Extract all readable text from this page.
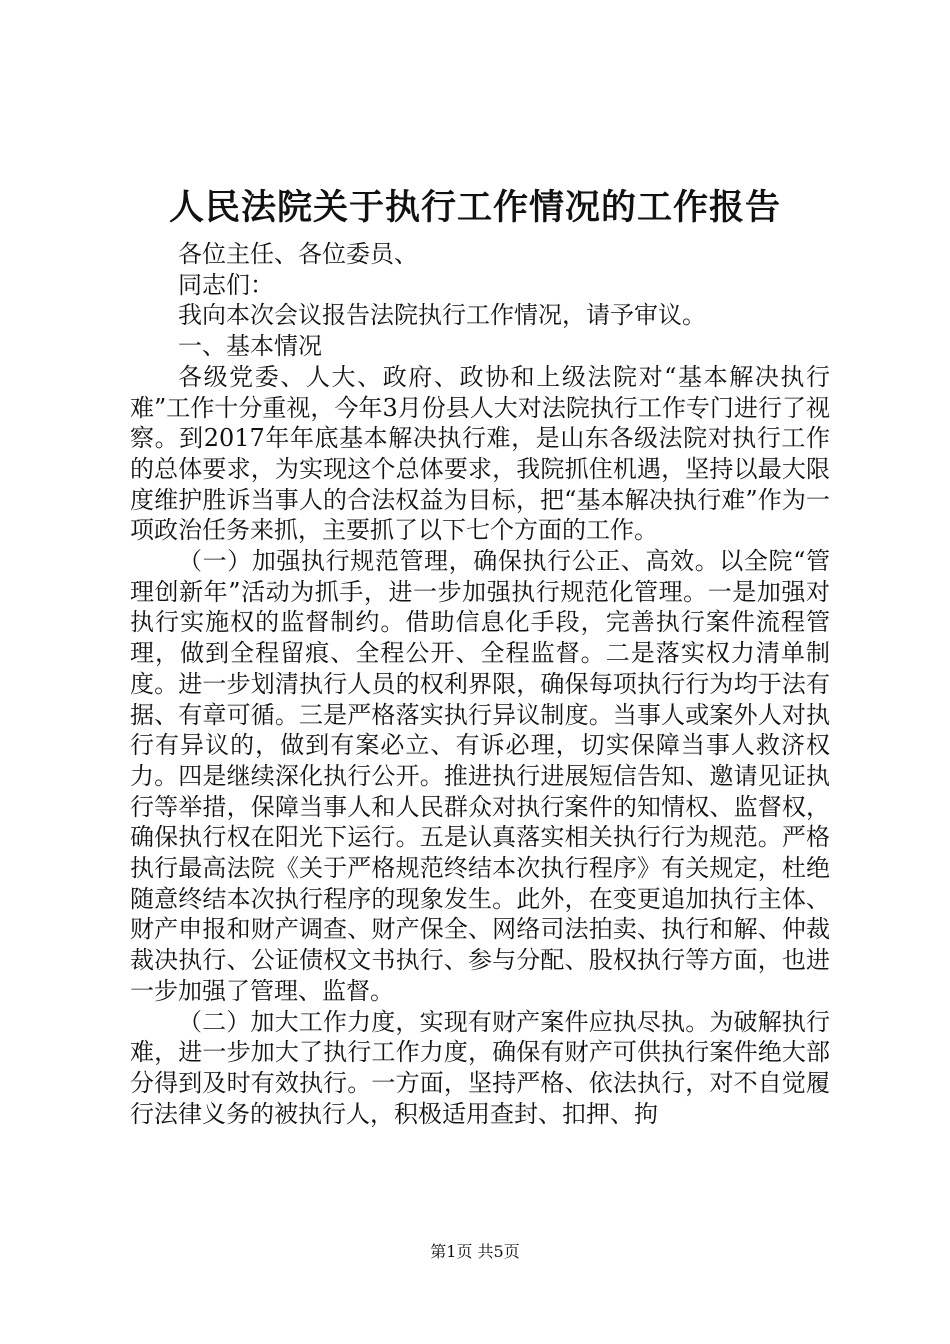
人民法院关于执行工作情况的工作报告

各位主任、各位委员、

同志们：

我向本次会议报告法院执行工作情况，请予审议。

一、基本情况

各级党委、人大、政府、政协和上级法院对“基本解决执行难”工作十分重视，今年3月份县人大对法院执行工作专门进行了视察。到2017年年底基本解决执行难，是山东各级法院对执行工作的总体要求，为实现这个总体要求，我院抓住机遇，坚持以最大限度维护胜诉当事人的合法权益为目标，把“基本解决执行难”作为一项政治任务来抓，主要抓了以下七个方面的工作。

（一）加强执行规范管理，确保执行公正、高效。以全院“管理创新年”活动为抓手，进一步加强执行规范化管理。一是加强对执行实施权的监督制约。借助信息化手段，完善执行案件流程管理，做到全程留痕、全程公开、全程监督。二是落实权力清单制度。进一步划清执行人员的权利界限，确保每项执行行为均于法有据、有章可循。三是严格落实执行异议制度。当事人或案外人对执行有异议的，做到有案必立、有诉必理，切实保障当事人救济权力。四是继续深化执行公开。推进执行进展短信告知、邀请见证执行等举措，保障当事人和人民群众对执行案件的知情权、监督权，确保执行权在阳光下运行。五是认真落实相关执行行为规范。严格执行最高法院《关于严格规范终结本次执行程序》有关规定，杜绝随意终结本次执行程序的现象发生。此外，在变更追加执行主体、财产申报和财产调查、财产保全、网络司法拍卖、执行和解、仲裁裁决执行、公证债权文书执行、参与分配、股权执行等方面，也进一步加强了管理、监督。

（二）加大工作力度，实现有财产案件应执尽执。为破解执行难，进一步加大了执行工作力度，确保有财产可供执行案件绝大部分得到及时有效执行。一方面，坚持严格、依法执行，对不自觉履行法律义务的被执行人，积极适用查封、扣押、拘

第1页 共5页
